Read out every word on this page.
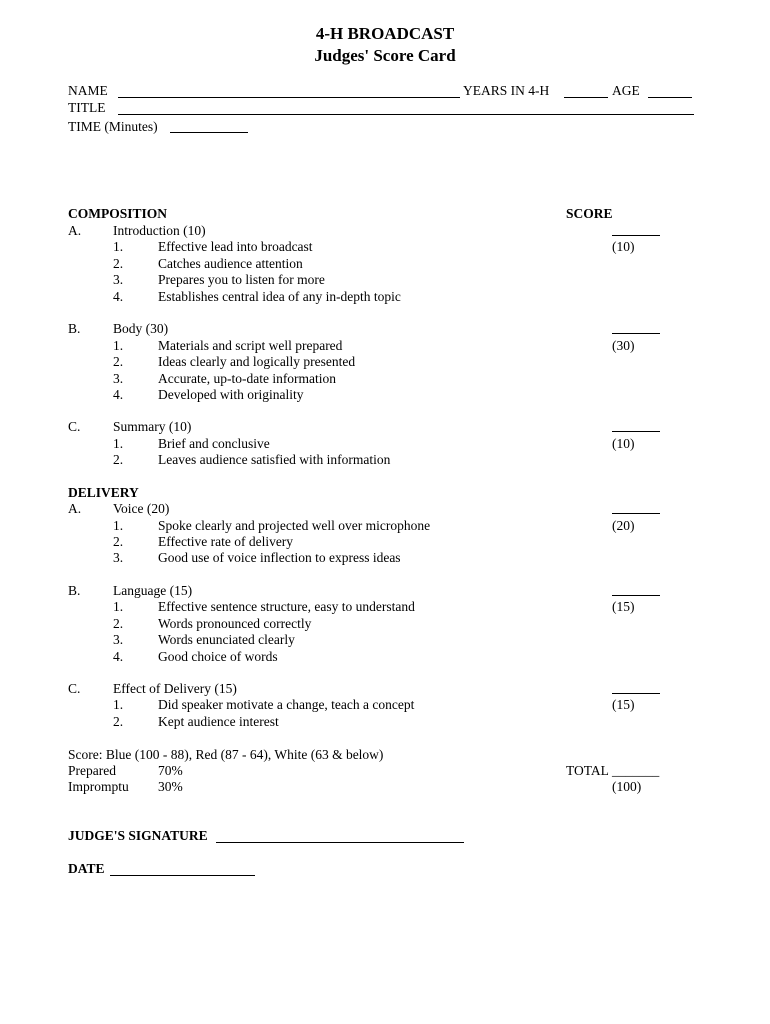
4-H BROADCAST
Judges' Score Card
NAME	YEARS IN 4-H	AGE
TITLE
TIME (Minutes)
COMPOSITION	SCORE
A. Introduction (10)
(10)
1.	Effective lead into broadcast
2.	Catches audience attention
3.	Prepares you to listen for more
4.	Establishes central idea of any in-depth topic
B. Body (30)
(30)
1.	Materials and script well prepared
2.	Ideas clearly and logically presented
3.	Accurate, up-to-date information
4.	Developed with originality
C. Summary (10)
(10)
1.	Brief and conclusive
2.	Leaves audience satisfied with information
DELIVERY
A. Voice (20)
(20)
1.	Spoke clearly and projected well over microphone
2.	Effective rate of delivery
3.	Good use of voice inflection to express ideas
B. Language (15)
(15)
1.	Effective sentence structure, easy to understand
2.	Words pronounced correctly
3.	Words enunciated clearly
4.	Good choice of words
C. Effect of Delivery (15)
(15)
1.	Did speaker motivate a change, teach a concept
2.	Kept audience interest
Score: Blue (100 - 88), Red (87 - 64), White (63 & below)
Prepared	70%	TOTAL _______
Impromptu 30%	(100)
JUDGE'S SIGNATURE
DATE
